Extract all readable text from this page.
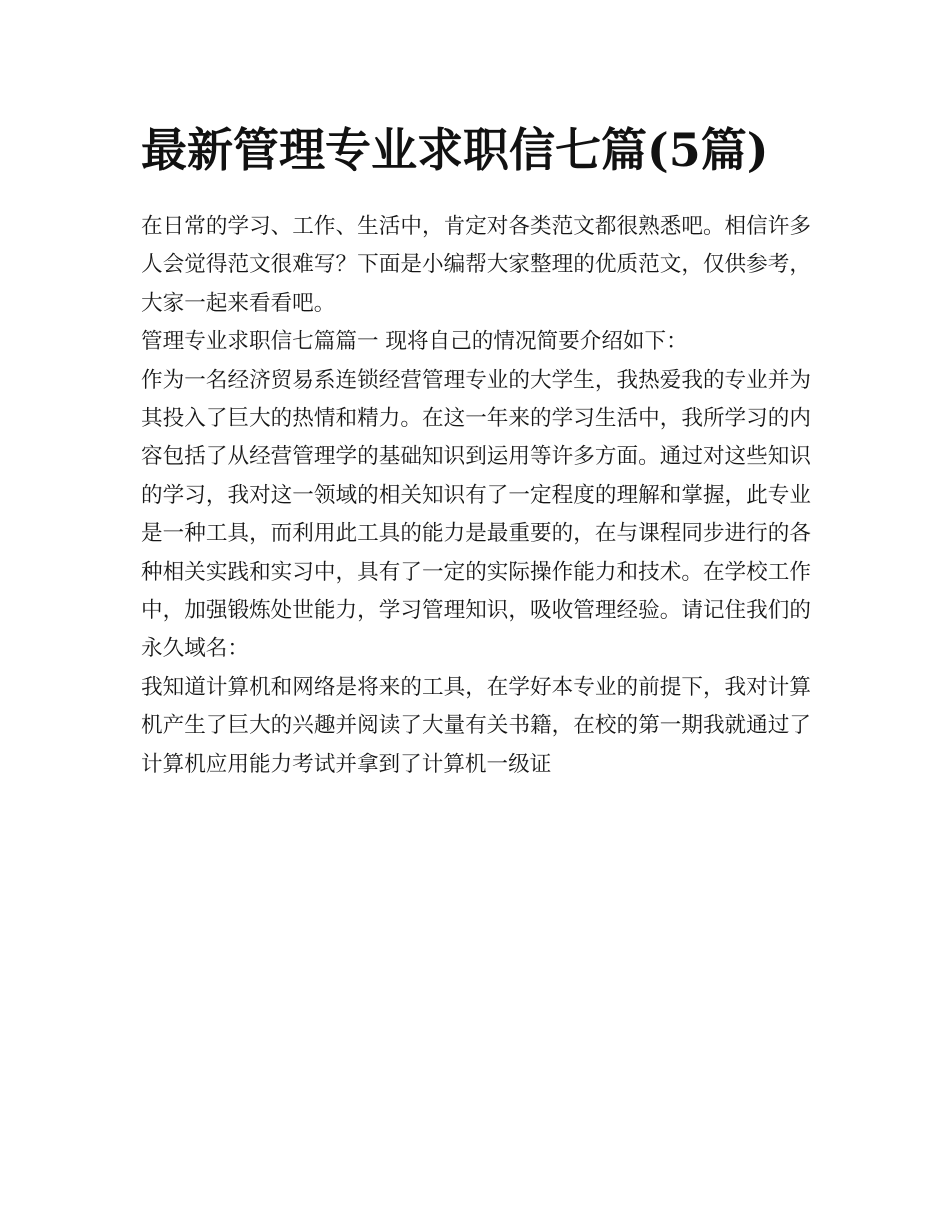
最新管理专业求职信七篇(5篇)

在日常的学习、工作、生活中，肯定对各类范文都很熟悉吧。相信许多人会觉得范文很难写？下面是小编帮大家整理的优质范文，仅供参考，大家一起来看看吧。

管理专业求职信七篇篇一 现将自己的情况简要介绍如下：

作为一名经济贸易系连锁经营管理专业的大学生，我热爱我的专业并为其投入了巨大的热情和精力。在这一年来的学习生活中，我所学习的内容包括了从经营管理学的基础知识到运用等许多方面。通过对这些知识的学习，我对这一领域的相关知识有了一定程度的理解和掌握，此专业是一种工具，而利用此工具的能力是最重要的，在与课程同步进行的各种相关实践和实习中，具有了一定的实际操作能力和技术。在学校工作中，加强锻炼处世能力，学习管理知识，吸收管理经验。请记住我们的永久域名：

我知道计算机和网络是将来的工具，在学好本专业的前提下，我对计算机产生了巨大的兴趣并阅读了大量有关书籍，在校的第一期我就通过了计算机应用能力考试并拿到了计算机一级证
